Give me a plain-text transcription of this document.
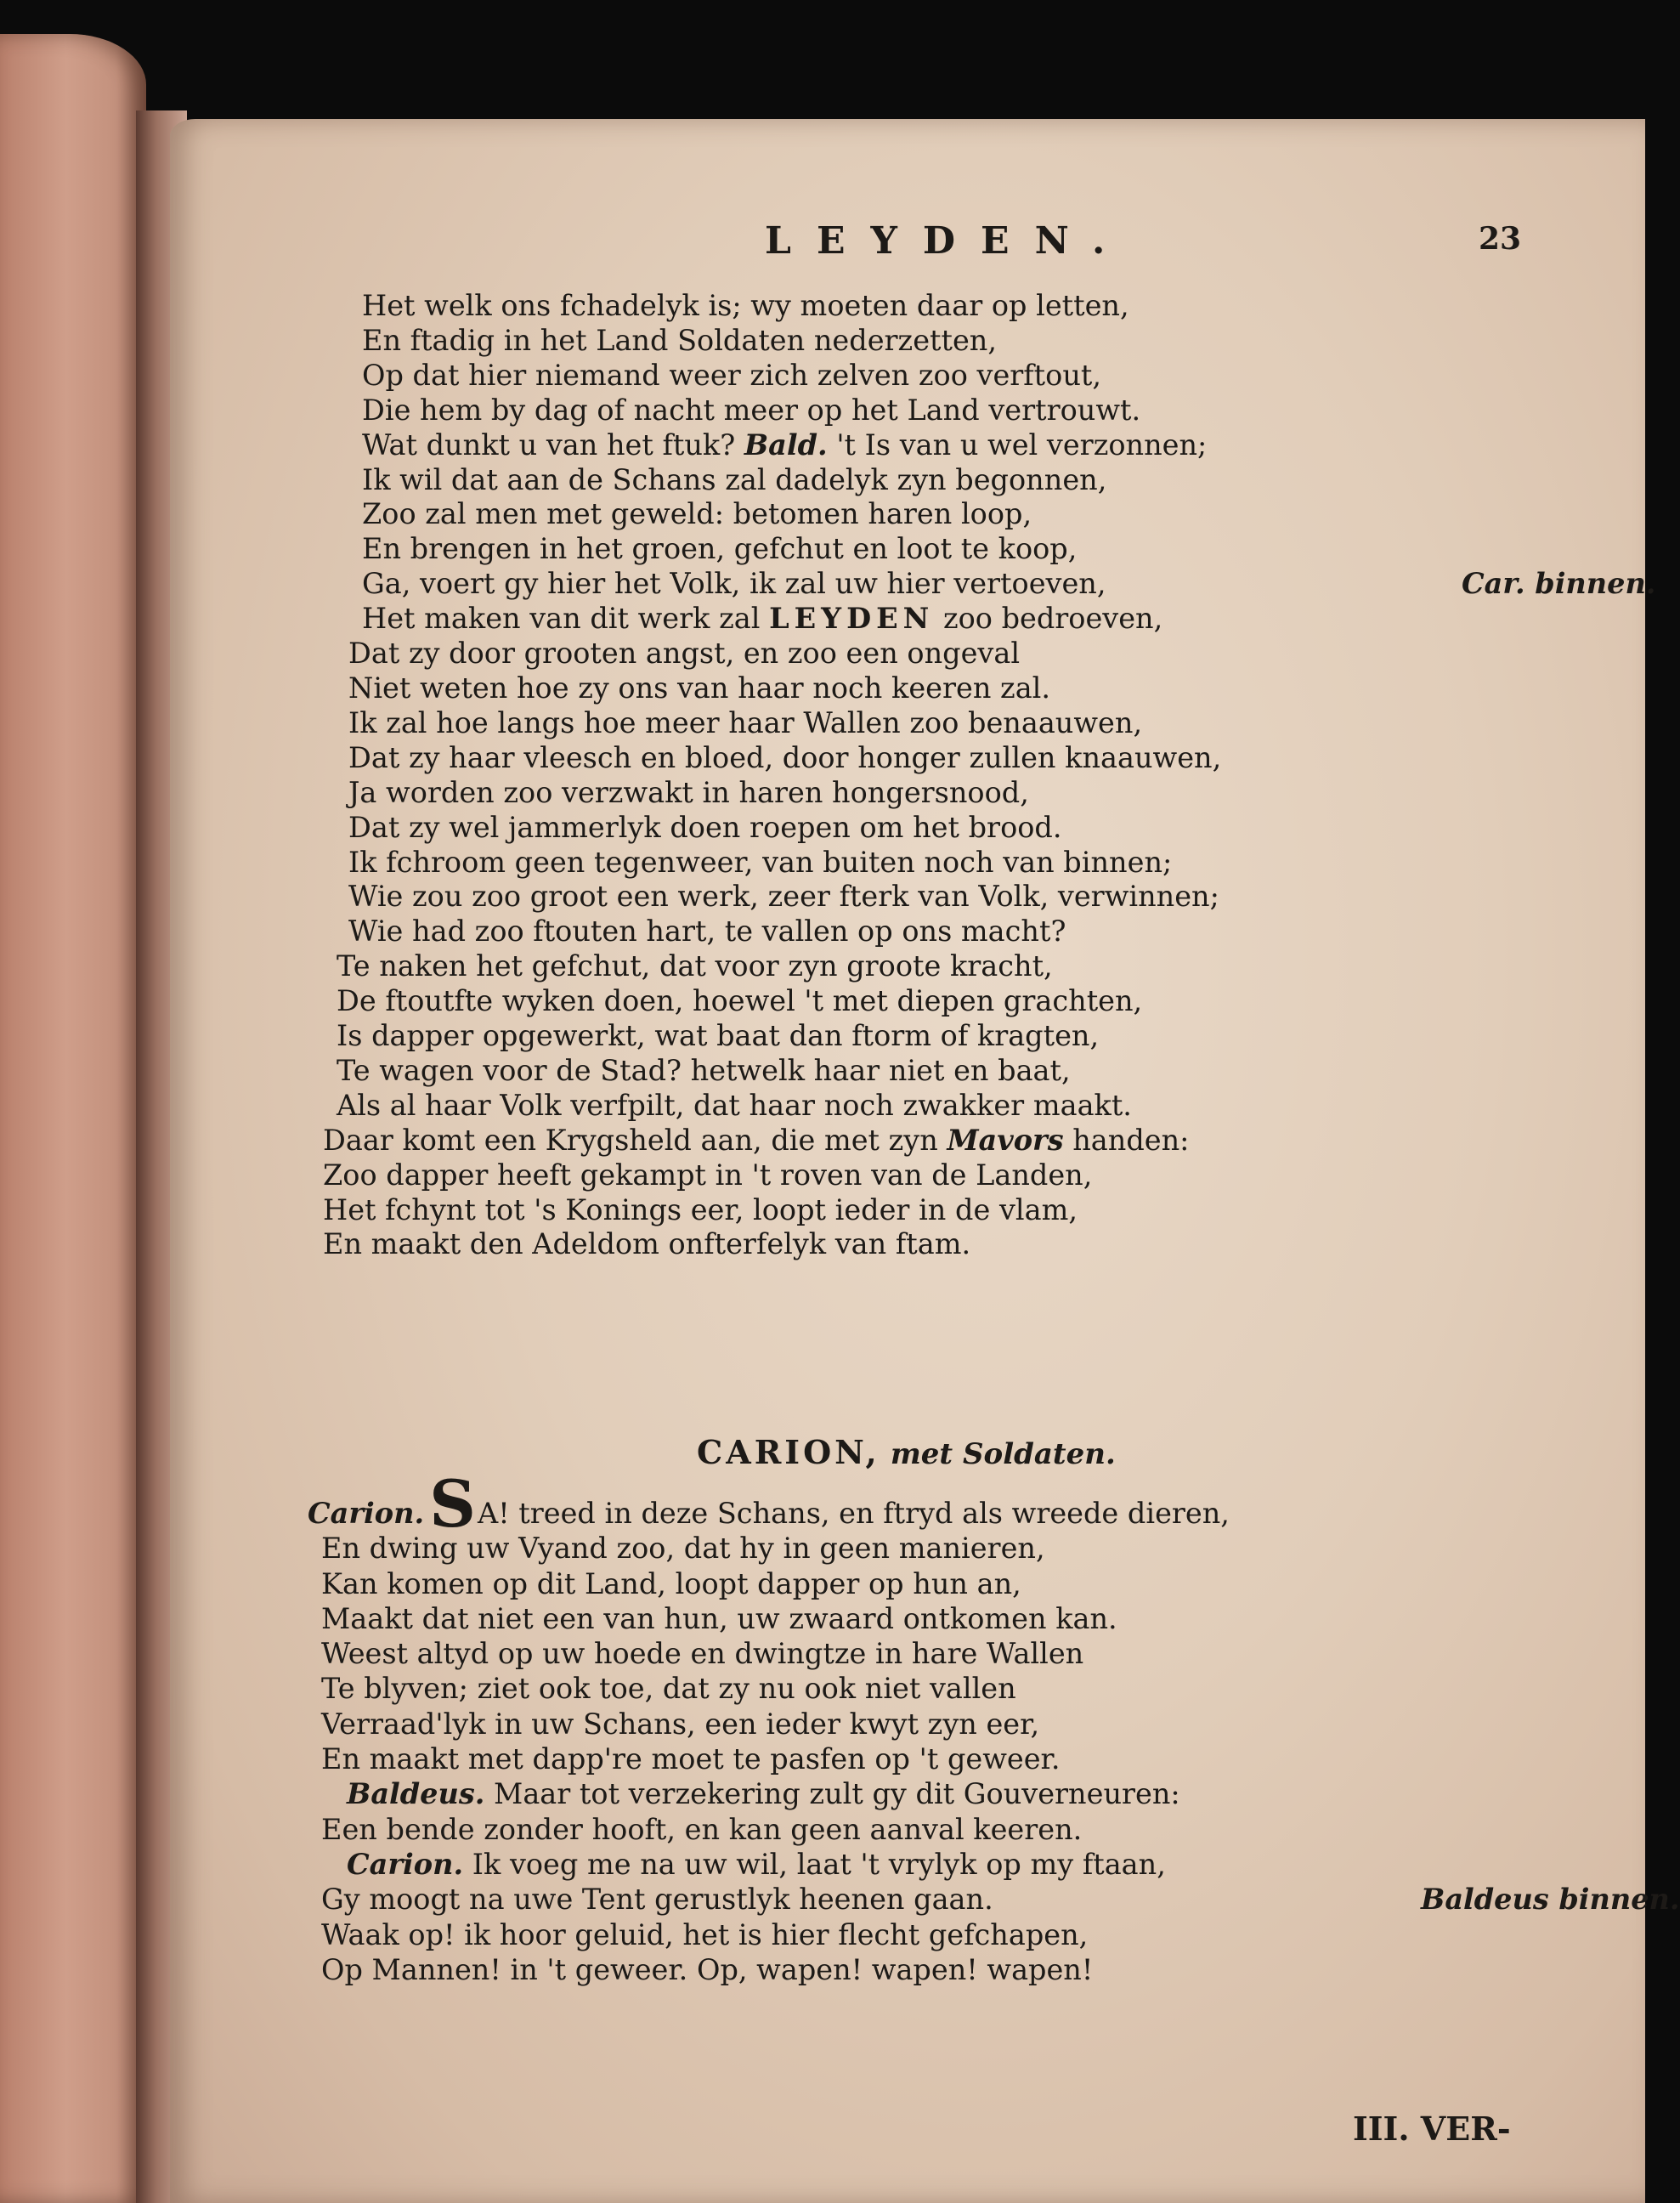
LEYDEN.	23
Het welk ons fchadelyk is; wy moeten daar op letten,
En ftadig in het Land Soldaten nederzetten,
Op dat hier niemand weer zich zelven zoo verftout,
Die hem by dag of nacht meer op het Land vertrouwt.
Wat dunkt u van het ftuk? Bald. 't Is van u wel verzonnen;
Ik wil dat aan de Schans zal dadelyk zyn begonnen,
Zoo zal men met geweld: betomen haren loop,
En brengen in het groen, gefchut en loot te koop,
Ga, voert gy hier het Volk, ik zal uw hier vertoeven,	Car. binnen.
Het maken van dit werk zal LEYDEN zoo bedroeven,
Dat zy door grooten angst, en zoo een ongeval
Niet weten hoe zy ons van haar noch keeren zal.
Ik zal hoe langs hoe meer haar Wallen zoo benaauwen,
Dat zy haar vleesch en bloed, door honger zullen knaauwen,
Ja worden zoo verzwakt in haren hongersnood,
Dat zy wel jammerlyk doen roepen om het brood.
Ik fchroom geen tegenweer, van buiten noch van binnen;
Wie zou zoo groot een werk, zeer fterk van Volk, verwinnen;
Wie had zoo ftouten hart, te vallen op ons macht?
Te naken het gefchut, dat voor zyn groote kracht,
De ftoutfte wyken doen, hoewel 't met diepen grachten,
Is dapper opgewerkt, wat baat dan ftorm of kragten,
Te wagen voor de Stad? hetwelk haar niet en baat,
Als al haar Volk verfpilt, dat haar noch zwakker maakt.
Daar komt een Krygsheld aan, die met zyn Mavors handen:
Zoo dapper heeft gekampt in 't roven van de Landen,
Het fchynt tot 's Konings eer, loopt ieder in de vlam,
En maakt den Adeldom onfterfelyk van ftam.
CARION, met Soldaten.
Carion.SA! treed in deze Schans, en ftryd als wreede dieren,
En dwing uw Vyand zoo, dat hy in geen manieren,
Kan komen op dit Land, loopt dapper op hun an,
Maakt dat niet een van hun, uw zwaard ontkomen kan.
Weest altyd op uw hoede en dwingtze in hare Wallen
Te blyven; ziet ook toe, dat zy nu ook niet vallen
Verraad'lyk in uw Schans, een ieder kwyt zyn eer,
En maakt met dapp're moet te pasfen op 't geweer.
Baldeus. Maar tot verzekering zult gy dit Gouverneuren:
Een bende zonder hooft, en kan geen aanval keeren.
Carion. Ik voeg me na uw wil, laat 't vrylyk op my ftaan,
Gy moogt na uwe Tent gerustlyk heenen gaan.	Baldeus binnen.
Waak op! ik hoor geluid, het is hier flecht gefchapen,
Op Mannen! in 't geweer. Op, wapen! wapen! wapen!
III. VER-
